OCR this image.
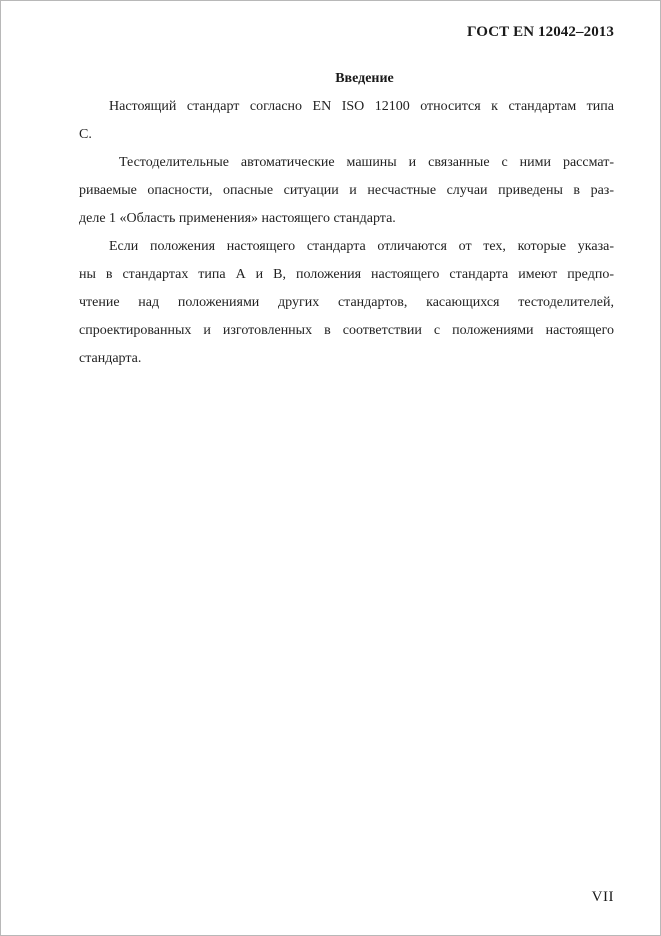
ГОСТ EN 12042–2013
Введение
Настоящий стандарт согласно EN ISO 12100 относится к стандартам типа
С.
Тестоделительные автоматические машины и связанные с ними рассмат-
риваемые опасности, опасные ситуации и несчастные случаи приведены в раз-
деле 1 «Область применения» настоящего стандарта.
Если положения настоящего стандарта отличаются от тех, которые указа-
ны в стандартах типа А и В, положения настоящего стандарта имеют предпо-
чтение над положениями других стандартов, касающихся тестоделителей,
спроектированных и изготовленных в соответствии с положениями настоящего
стандарта.
VII
